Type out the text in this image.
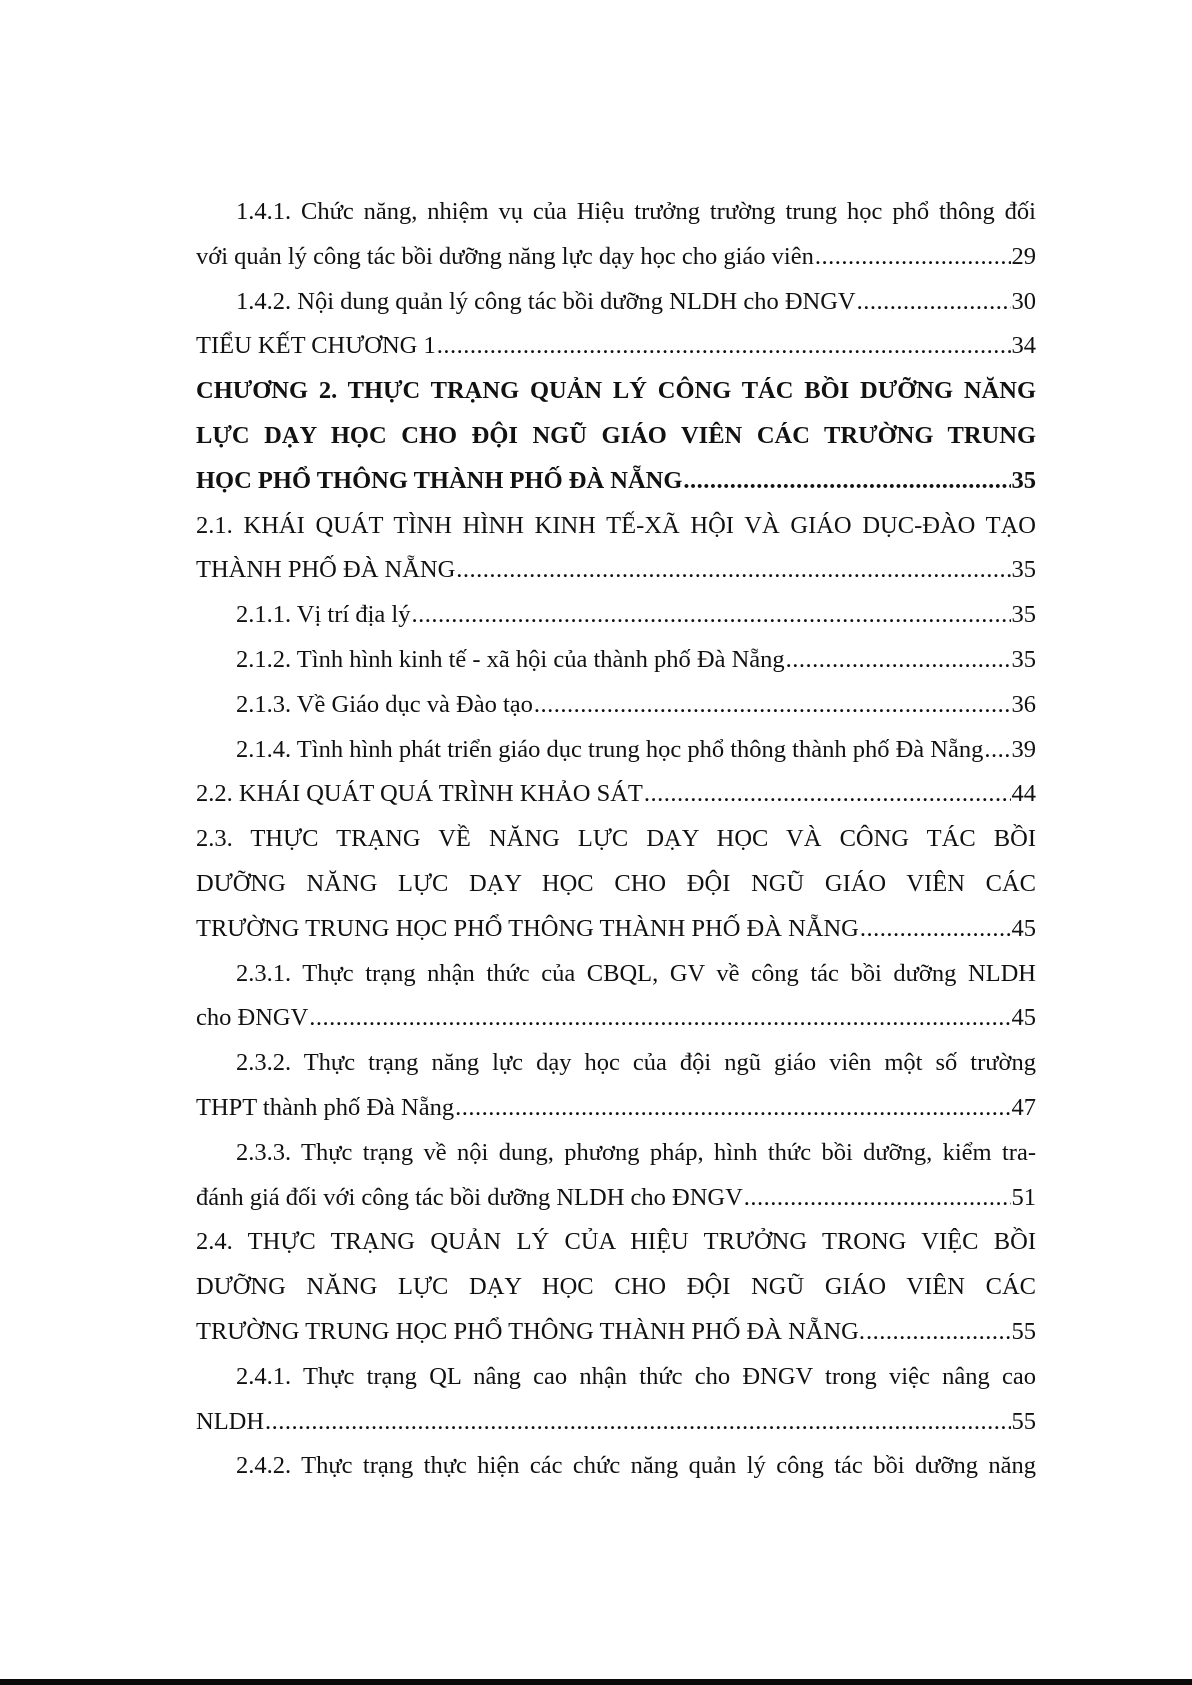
1.4.1. Chức năng, nhiệm vụ của Hiệu trưởng trường trung học phổ thông đối
với quản lý công tác bồi dưỡng năng lực dạy học cho giáo viên .....	29
1.4.2. Nội dung quản lý công tác bồi dưỡng NLDH cho ĐNGV .....	30
TIỂU KẾT CHƯƠNG 1 .....	34
CHƯƠNG 2. THỰC TRẠNG QUẢN LÝ CÔNG TÁC BỒI DƯỠNG NĂNG
LỰC DẠY HỌC CHO ĐỘI NGŨ GIÁO VIÊN CÁC TRƯỜNG TRUNG
HỌC PHỔ THÔNG THÀNH PHỐ ĐÀ NẴNG .....	35
2.1. KHÁI QUÁT TÌNH HÌNH KINH TẾ-XÃ HỘI VÀ GIÁO DỤC-ĐÀO TẠO
THÀNH PHỐ ĐÀ NẴNG .....	35
2.1.1. Vị trí địa lý .....	35
2.1.2. Tình hình kinh tế - xã hội của thành phố Đà Nẵng .....	35
2.1.3. Về Giáo dục và Đào tạo .....	36
2.1.4. Tình hình phát triển giáo dục trung học phổ thông thành phố Đà Nẵng ..... 39
2.2. KHÁI QUÁT QUÁ TRÌNH KHẢO SÁT .....	44
2.3. THỰC TRẠNG VỀ NĂNG LỰC DẠY HỌC VÀ CÔNG TÁC BỒI
DƯỠNG NĂNG LỰC DẠY HỌC CHO ĐỘI NGŨ GIÁO VIÊN CÁC
TRƯỜNG TRUNG HỌC PHỔ THÔNG THÀNH PHỐ ĐÀ NẴNG .....	45
2.3.1. Thực trạng nhận thức của CBQL, GV về công tác bồi dưỡng NLDH
cho ĐNGV .....	45
2.3.2. Thực trạng năng lực dạy học của đội ngũ giáo viên một số trường
THPT thành phố Đà Nẵng .....	47
2.3.3. Thực trạng về nội dung, phương pháp, hình thức bồi dưỡng, kiểm tra-
đánh giá đối với công tác bồi dưỡng NLDH cho ĐNGV .....	51
2.4. THỰC TRẠNG QUẢN LÝ CỦA HIỆU TRƯỞNG TRONG VIỆC BỒI
DƯỠNG NĂNG LỰC DẠY HỌC CHO ĐỘI NGŨ GIÁO VIÊN CÁC
TRƯỜNG TRUNG HỌC PHỔ THÔNG THÀNH PHỐ ĐÀ NẴNG. .....	55
2.4.1. Thực trạng QL nâng cao nhận thức cho ĐNGV trong việc nâng cao
NLDH .....	55
2.4.2. Thực trạng thực hiện các chức năng quản lý công tác bồi dưỡng năng
